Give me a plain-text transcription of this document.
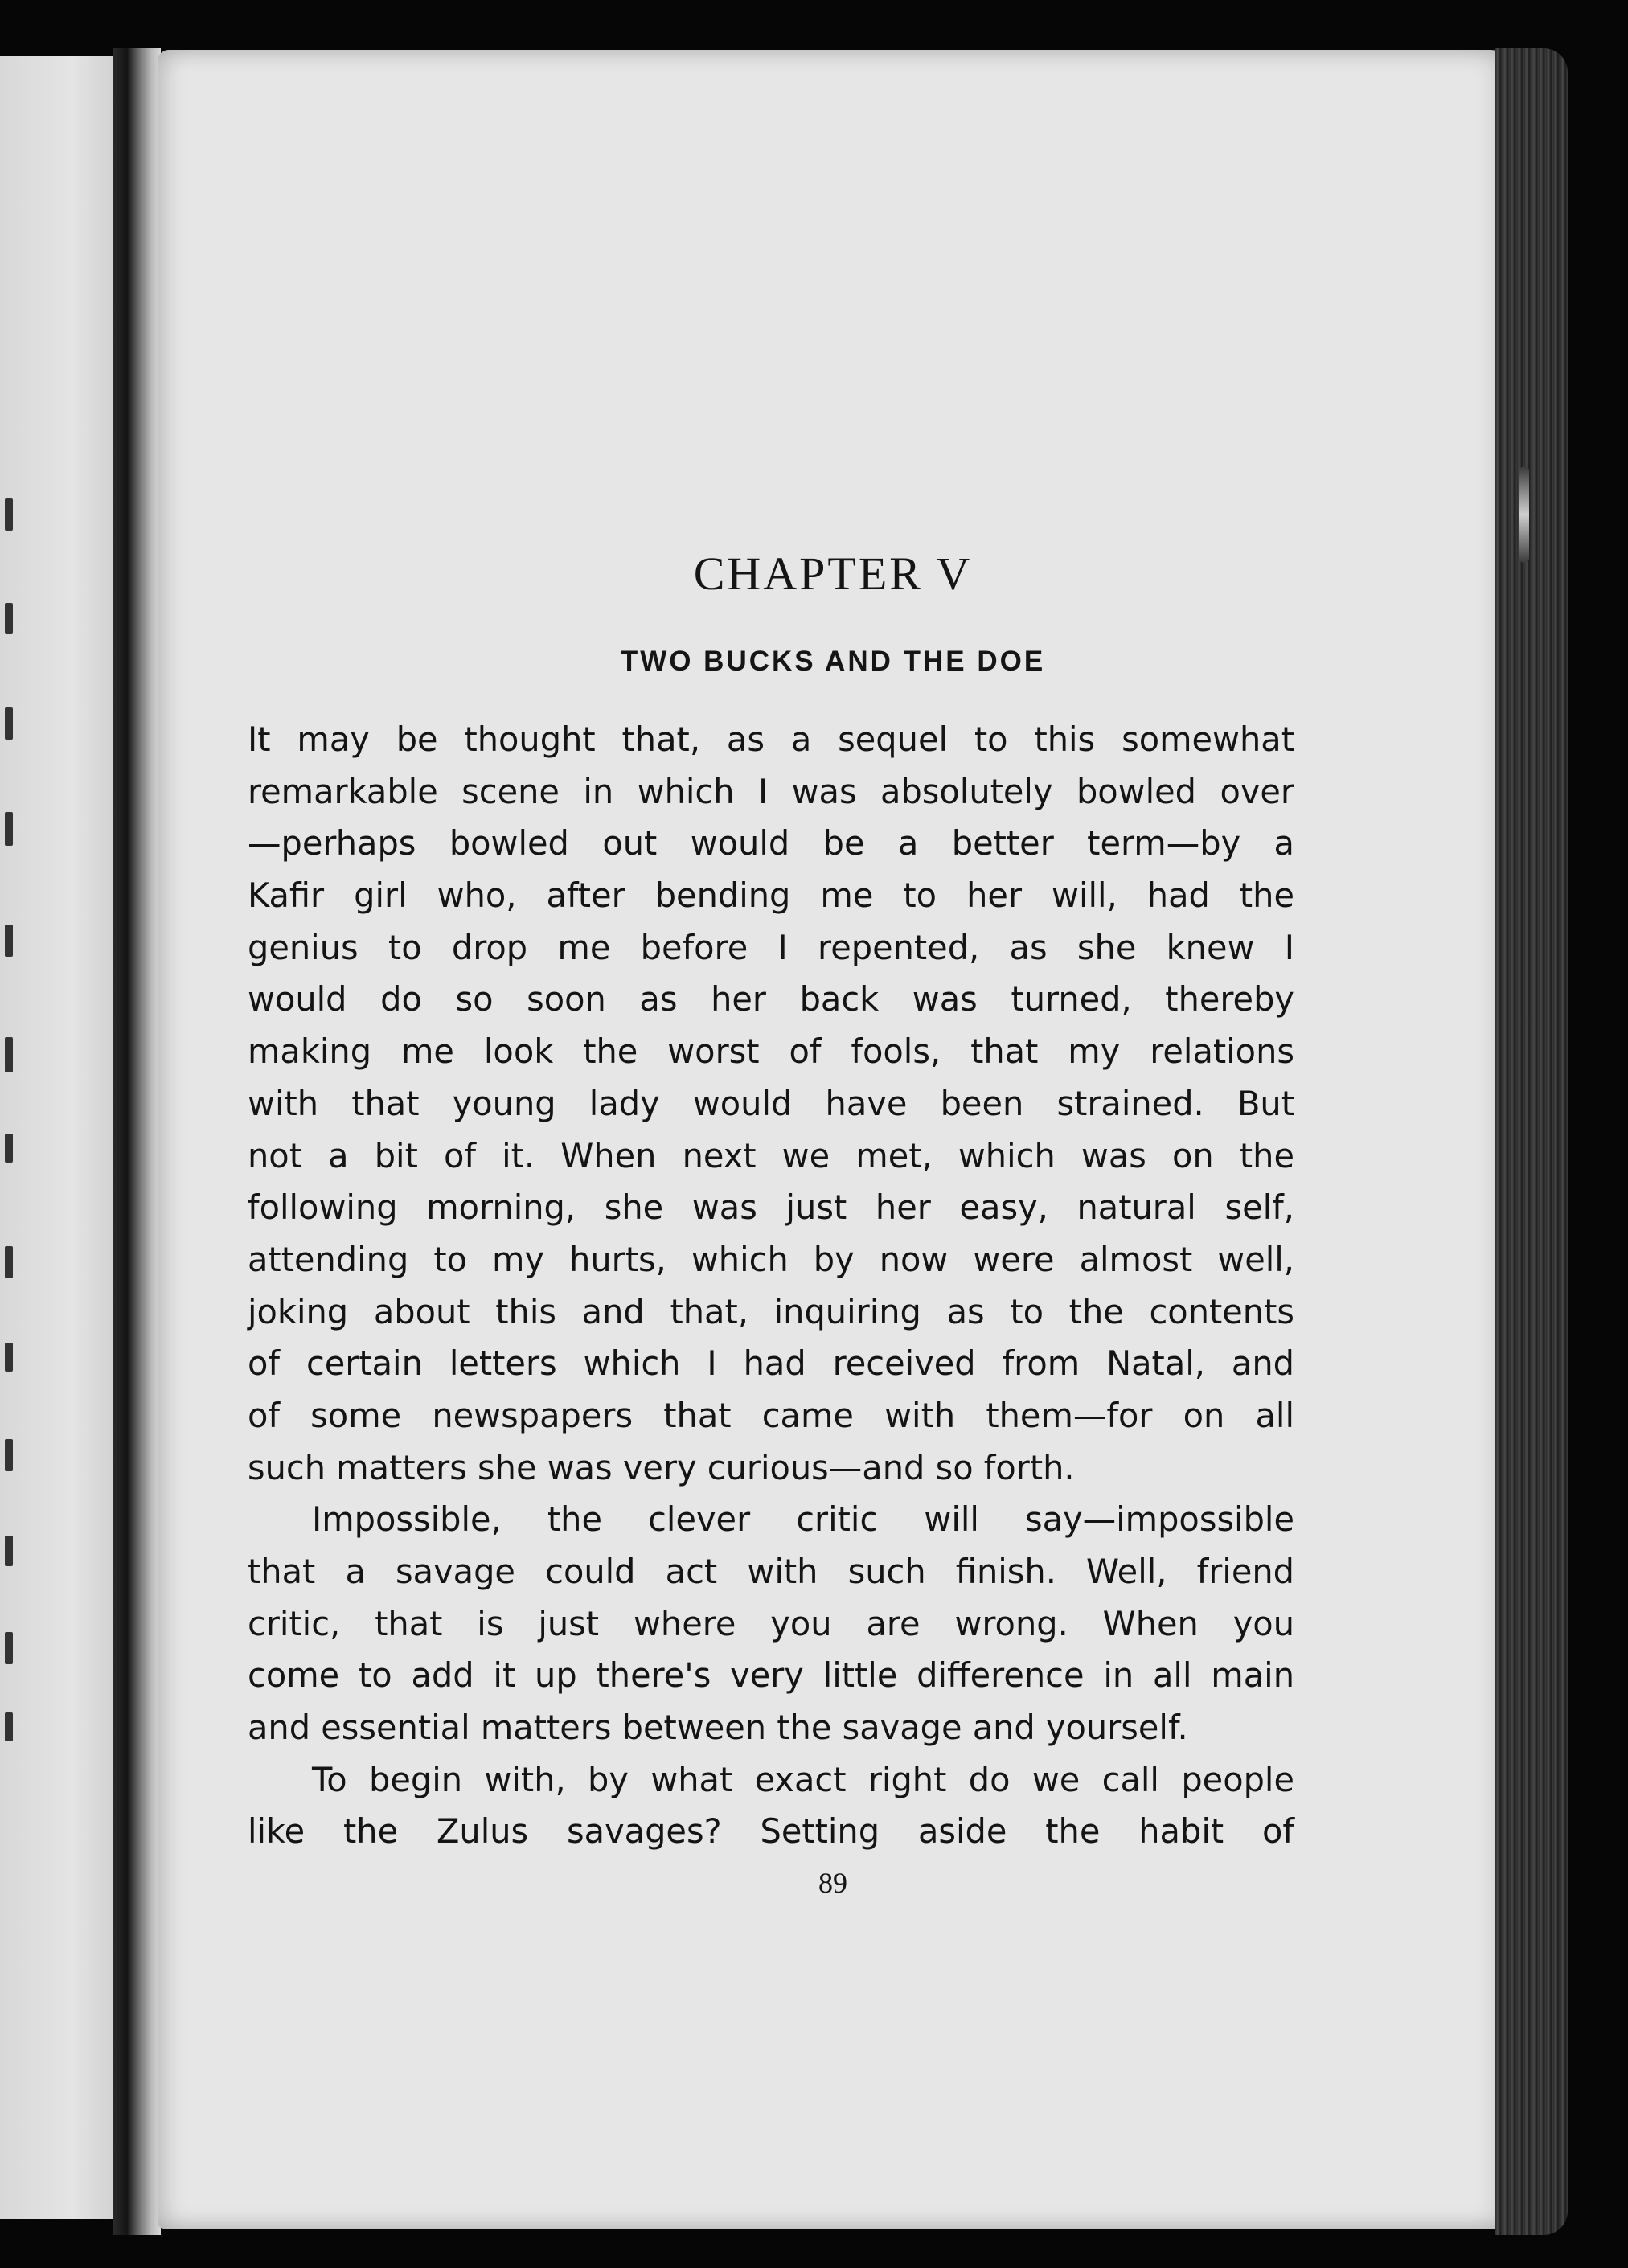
CHAPTER V
TWO BUCKS AND THE DOE
It may be thought that, as a sequel to this somewhat
remarkable scene in which I was absolutely bowled over
—perhaps bowled out would be a better term—by a
Kafir girl who, after bending me to her will, had the
genius to drop me before I repented, as she knew I
would do so soon as her back was turned, thereby
making me look the worst of fools, that my relations
with that young lady would have been strained. But
not a bit of it. When next we met, which was on the
following morning, she was just her easy, natural self,
attending to my hurts, which by now were almost well,
joking about this and that, inquiring as to the contents
of certain letters which I had received from Natal, and
of some newspapers that came with them—for on all
such matters she was very curious—and so forth.
Impossible, the clever critic will say—impossible
that a savage could act with such finish. Well, friend
critic, that is just where you are wrong. When you
come to add it up there's very little difference in all main
and essential matters between the savage and yourself.
To begin with, by what exact right do we call people
like the Zulus savages? Setting aside the habit of

89
